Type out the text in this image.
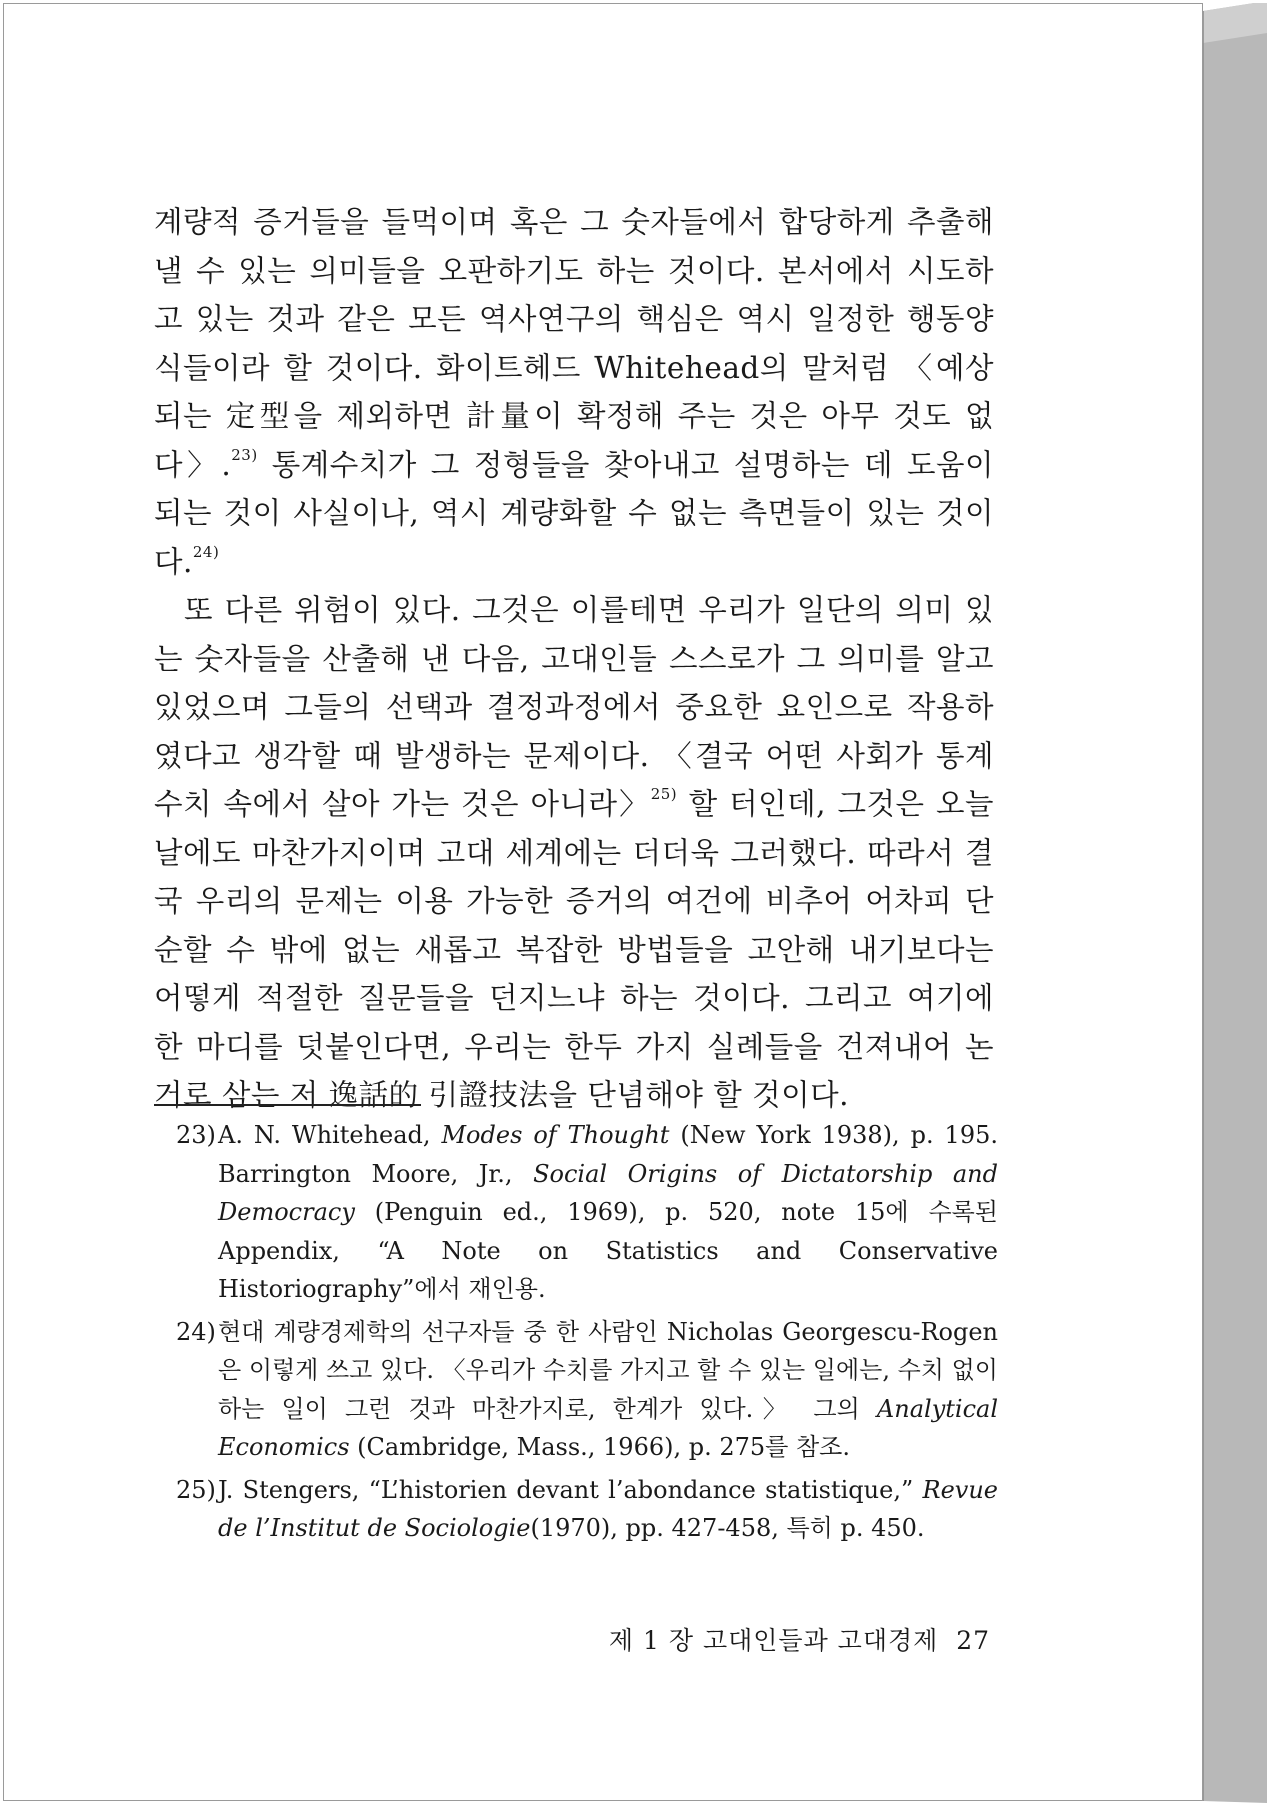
계량적 증거들을 들먹이며 혹은 그 숫자들에서 합당하게 추출해 낼 수 있는 의미들을 오판하기도 하는 것이다. 본서에서 시도하고 있는 것과 같은 모든 역사연구의 핵심은 역시 일정한 행동양식들이라 할 것이다. 화이트헤드 Whitehead의 말처럼 〈예상되는 定型을 제외하면 計量이 확정해 주는 것은 아무 것도 없다〉.$^{23)}$ 통계수치가 그 정형들을 찾아내고 설명하는 데 도움이 되는 것이 사실이나, 역시 계량화할 수 없는 측면들이 있는 것이다.$^{24)}$

또 다른 위험이 있다. 그것은 이를테면 우리가 일단의 의미 있는 숫자들을 산출해 낸 다음, 고대인들 스스로가 그 의미를 알고 있었으며 그들의 선택과 결정과정에서 중요한 요인으로 작용하였다고 생각할 때 발생하는 문제이다. 〈결국 어떤 사회가 통계수치 속에서 살아 가는 것은 아니라〉$^{25)}$ 할 터인데, 그것은 오늘날에도 마찬가지이며 고대 세계에는 더더욱 그러했다. 따라서 결국 우리의 문제는 이용 가능한 증거의 여건에 비추어 어차피 단순할 수 밖에 없는 새롭고 복잡한 방법들을 고안해 내기보다는 어떻게 적절한 질문들을 던지느냐 하는 것이다. 그리고 여기에 한 마디를 덧붙인다면, 우리는 한두 가지 실례들을 건져내어 논거로 삼는 저 逸話的 引證技法을 단념해야 할 것이다.

23) A. N. Whitehead, Modes of Thought (New York 1938), p. 195. Barrington Moore, Jr., Social Origins of Dictatorship and Democracy (Penguin ed., 1969), p. 520, note 15에 수록된 Appendix, “A Note on Statistics and Conservative Historiography”에서 재인용.
24) 현대 계량경제학의 선구자들 중 한 사람인 Nicholas Georgescu-Rogen은 이렇게 쓰고 있다. 〈우리가 수치를 가지고 할 수 있는 일에는, 수치 없이 하는 일이 그런 것과 마찬가지로, 한계가 있다.〉 그의 Analytical Economics (Cambridge, Mass., 1966), p. 275를 참조.
25) J. Stengers, “L’historien devant l’abondance statistique,” Revue de l’Institut de Sociologie(1970), pp. 427-458, 특히 p. 450.
제 1 장 고대인들과 고대경제 27
